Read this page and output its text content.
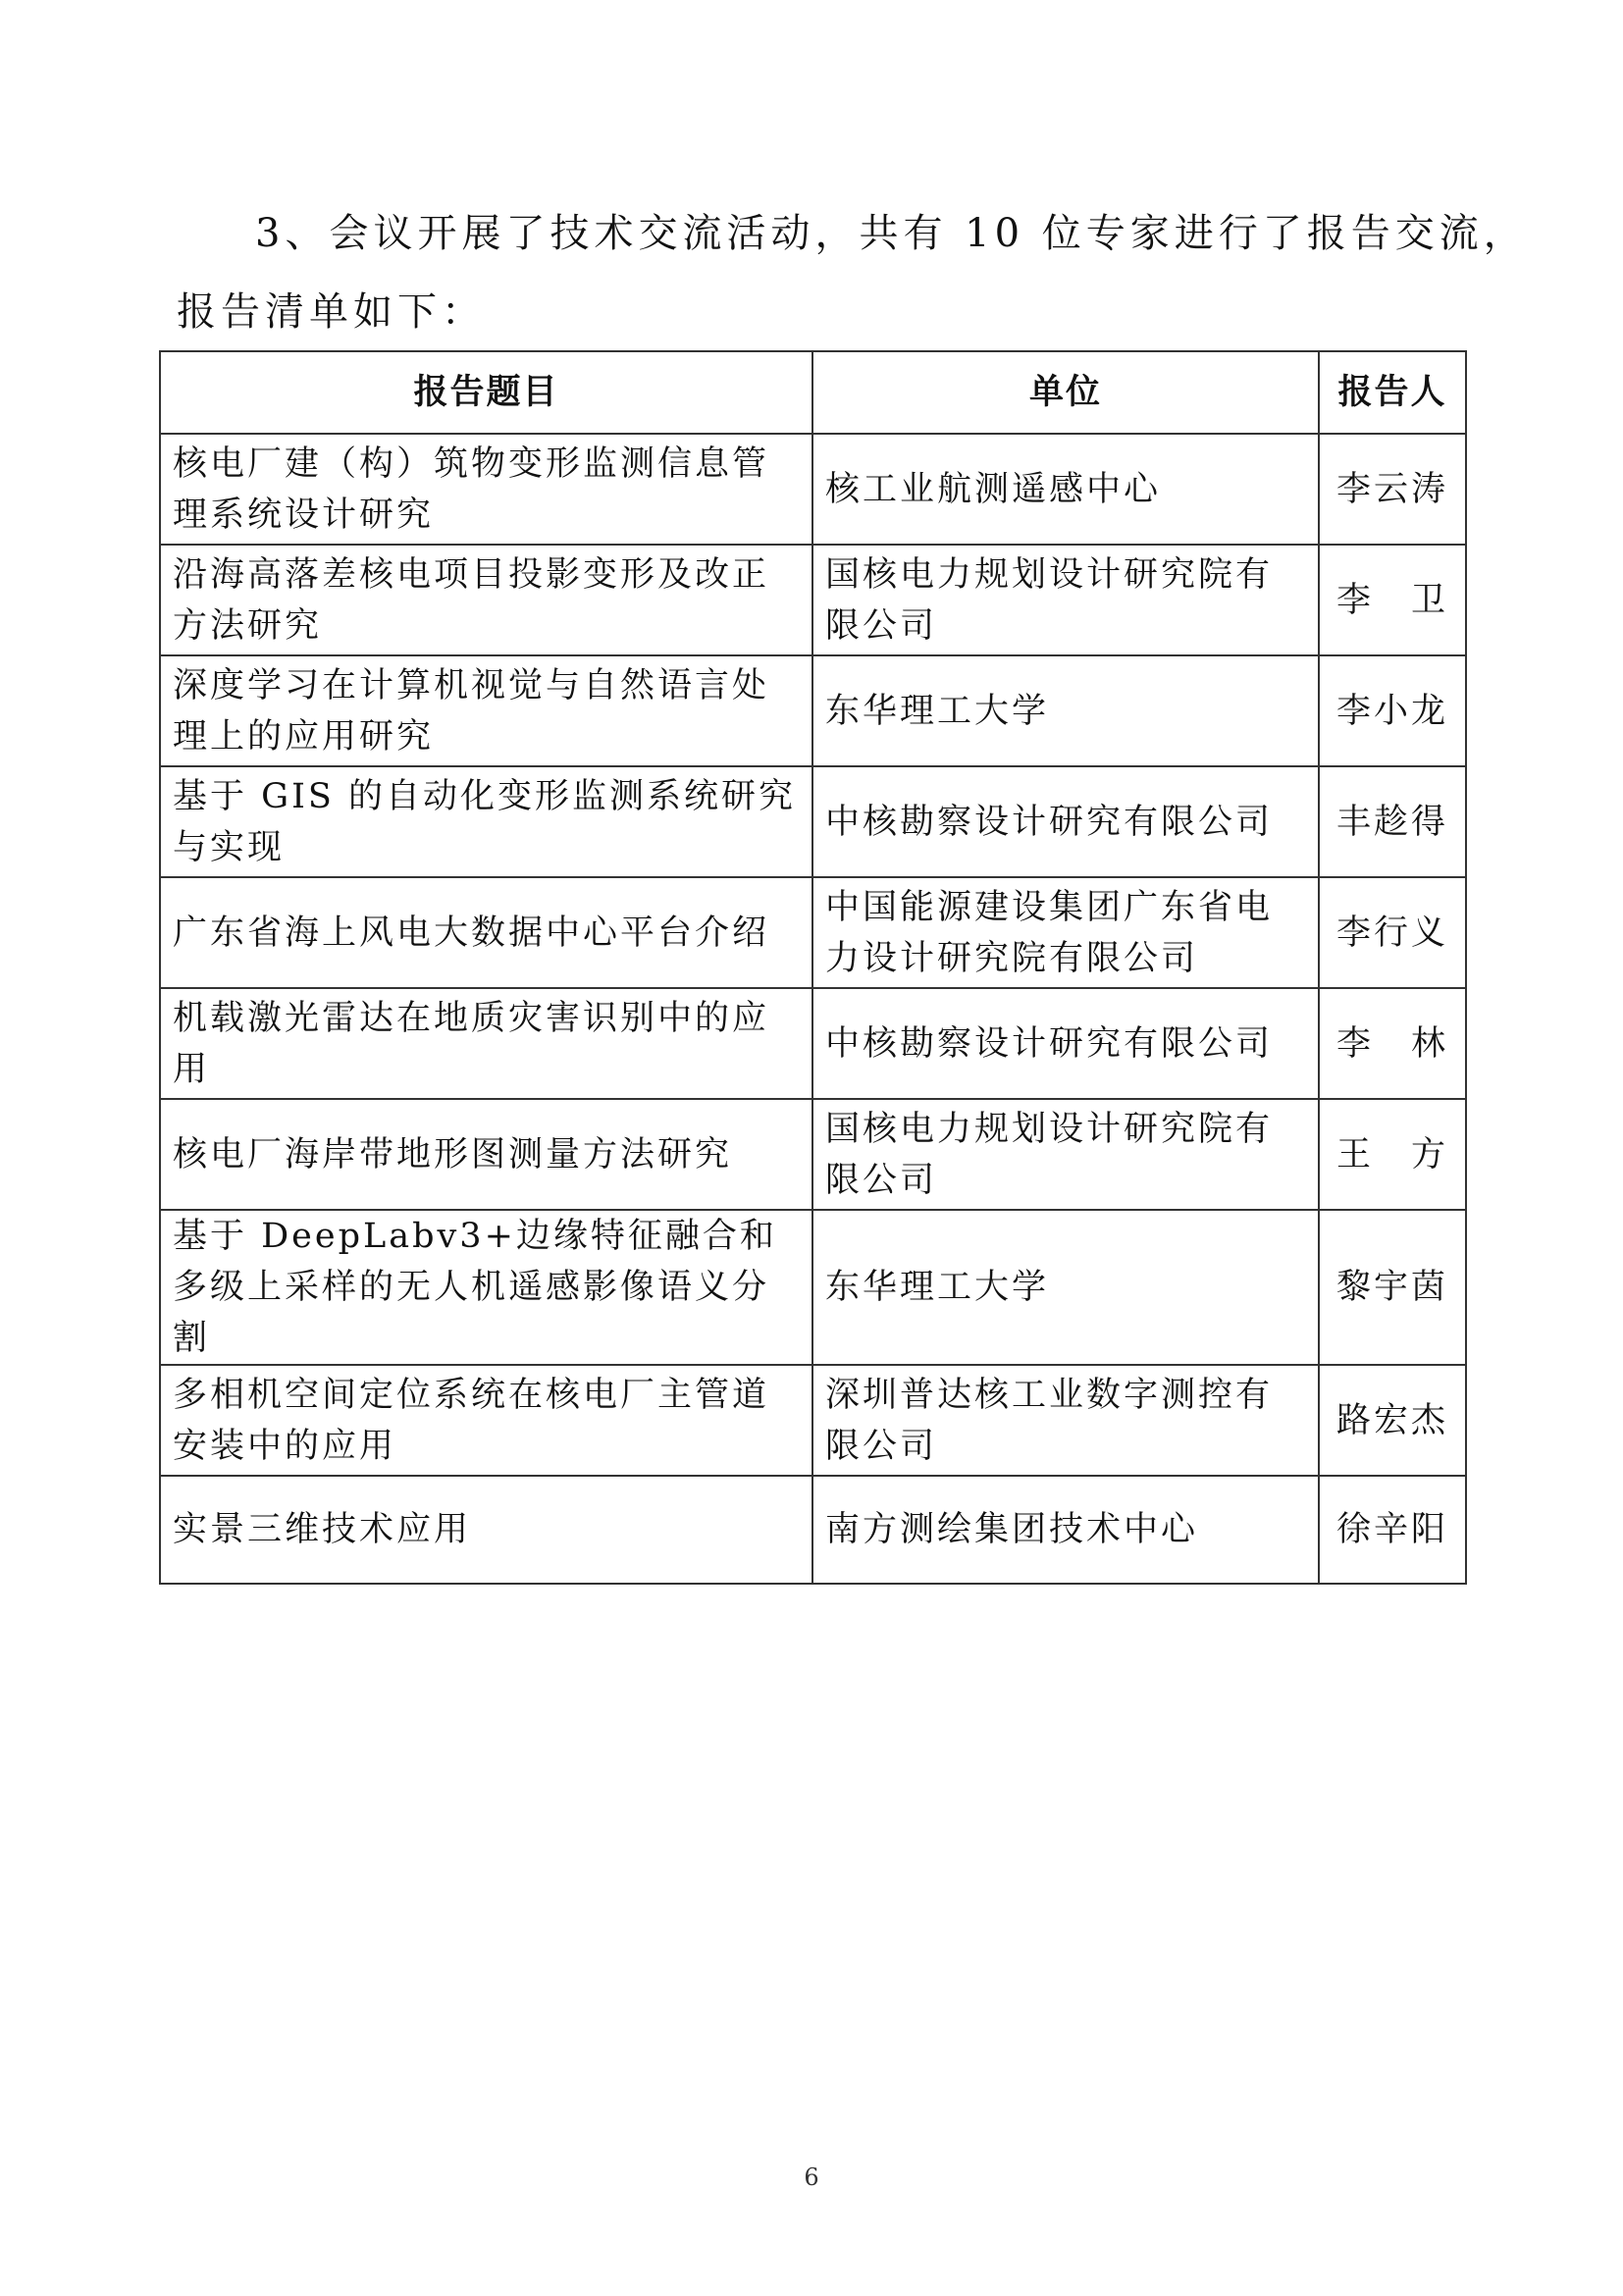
3、会议开展了技术交流活动，共有 10 位专家进行了报告交流，
报告清单如下：

报告题目	单位	报告人
核电厂建（构）筑物变形监测信息管理系统设计研究	核工业航测遥感中心	李云涛
沿海高落差核电项目投影变形及改正方法研究	国核电力规划设计研究院有限公司	李　卫
深度学习在计算机视觉与自然语言处理上的应用研究	东华理工大学	李小龙
基于 GIS 的自动化变形监测系统研究与实现	中核勘察设计研究有限公司	丰趁得
广东省海上风电大数据中心平台介绍	中国能源建设集团广东省电力设计研究院有限公司	李行义
机载激光雷达在地质灾害识别中的应用	中核勘察设计研究有限公司	李　林
核电厂海岸带地形图测量方法研究	国核电力规划设计研究院有限公司	王　方
基于 DeepLabv3+边缘特征融合和多级上采样的无人机遥感影像语义分割	东华理工大学	黎宇茵
多相机空间定位系统在核电厂主管道安装中的应用	深圳普达核工业数字测控有限公司	路宏杰
实景三维技术应用	南方测绘集团技术中心	徐辛阳
6
